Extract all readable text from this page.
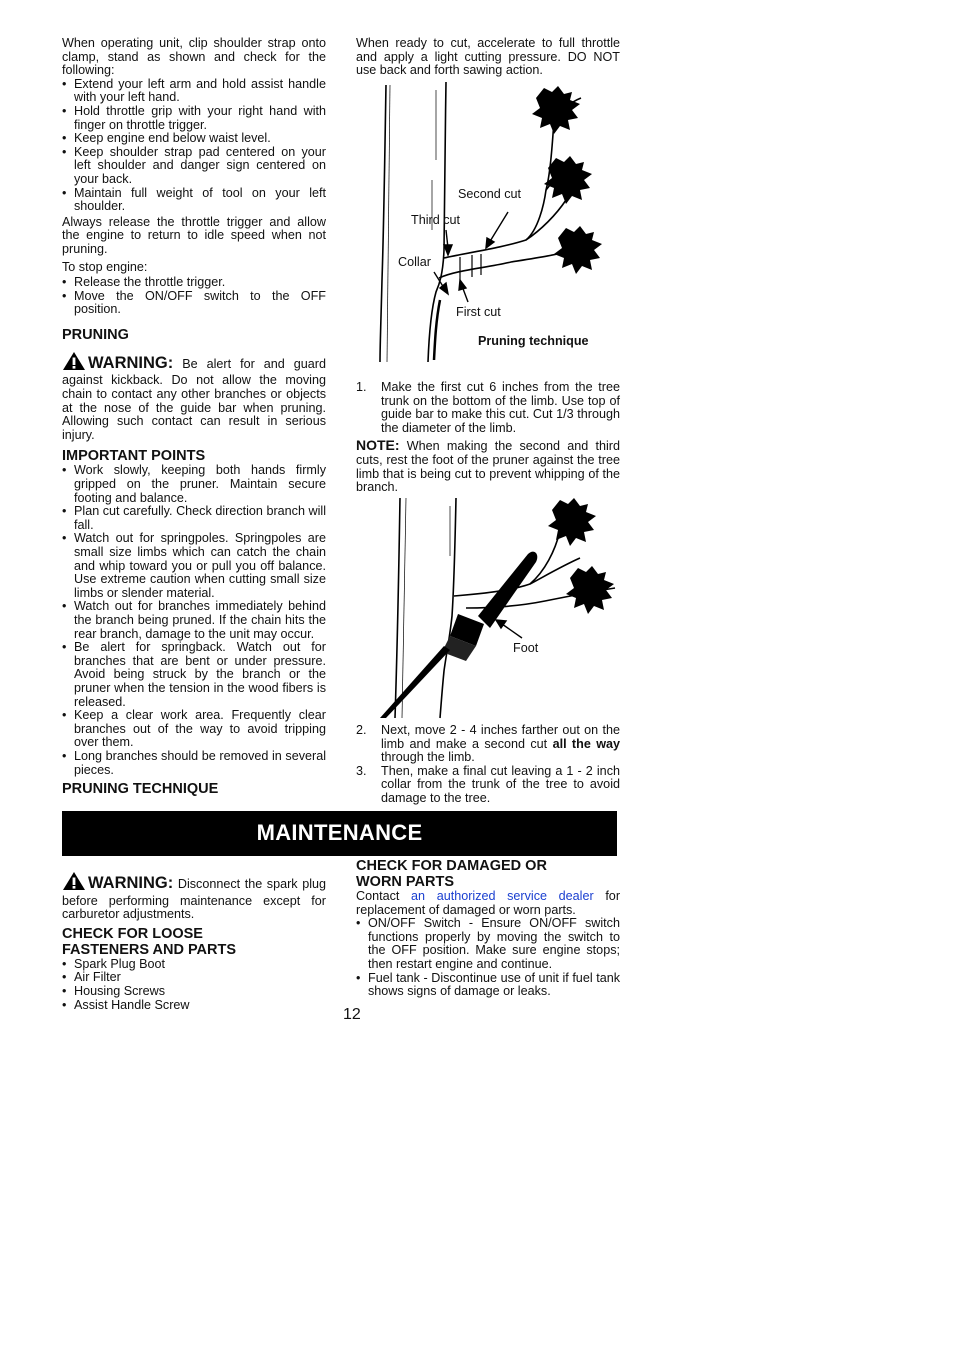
When operating unit, clip shoulder strap onto clamp, stand as shown and check for the following:

• Extend your left arm and hold assist handle with your left hand.
• Hold throttle grip with your right hand with finger on throttle trigger.
• Keep engine end below waist level.
• Keep shoulder strap pad centered on your left shoulder and danger sign centered on your back.
• Maintain full weight of tool on your left shoulder.

Always release the throttle trigger and allow the engine to return to idle speed when not pruning.

To stop engine:

• Release the throttle trigger.
• Move the ON/OFF switch to the OFF position.
PRUNING

WARNING: Be alert for and guard against kickback. Do not allow the moving chain to contact any other branches or objects at the nose of the guide bar when pruning. Allowing such contact can result in serious injury.

IMPORTANT POINTS
• Work slowly, keeping both hands firmly gripped on the pruner. Maintain secure footing and balance.
• Plan cut carefully. Check direction branch will fall.
• Watch out for springpoles. Springpoles are small size limbs which can catch the chain and whip toward you or pull you off balance. Use extreme caution when cutting small size limbs or slender material.
• Watch out for branches immediately behind the branch being pruned. If the chain hits the rear branch, damage to the unit may occur.
• Be alert for springback. Watch out for branches that are bent or under pressure. Avoid being struck by the branch or the pruner when the tension in the wood fibers is released.
• Keep a clear work area. Frequently clear branches out of the way to avoid tripping over them.
• Long branches should be removed in several pieces.
PRUNING TECHNIQUE

When ready to cut, accelerate to full throttle and apply a light cutting pressure. DO NOT use back and forth sawing action.

Second cut
Third cut
Collar
First cut
Pruning technique
1. Make the first cut 6 inches from the tree trunk on the bottom of the limb. Use top of guide bar to make this cut. Cut 1/3 through the diameter of the limb.

NOTE: When making the second and third cuts, rest the foot of the pruner against the tree limb that is being cut to prevent whipping of the branch.

Foot
2. Next, move 2 - 4 inches farther out on the limb and make a second cut all the way through the limb.
3. Then, make a final cut leaving a 1 - 2 inch collar from the trunk of the tree to avoid damage to the tree.
MAINTENANCE

WARNING: Disconnect the spark plug before performing maintenance except for carburetor adjustments.

CHECK FOR LOOSE
FASTENERS AND PARTS
• Spark Plug Boot
• Air Filter
• Housing Screws
• Assist Handle Screw
CHECK FOR DAMAGED OR
WORN PARTS

Contact an authorized service dealer for replacement of damaged or worn parts.

• ON/OFF Switch - Ensure ON/OFF switch functions properly by moving the switch to the OFF position. Make sure engine stops; then restart engine and continue.
• Fuel tank - Discontinue use of unit if fuel tank shows signs of damage or leaks.
12
